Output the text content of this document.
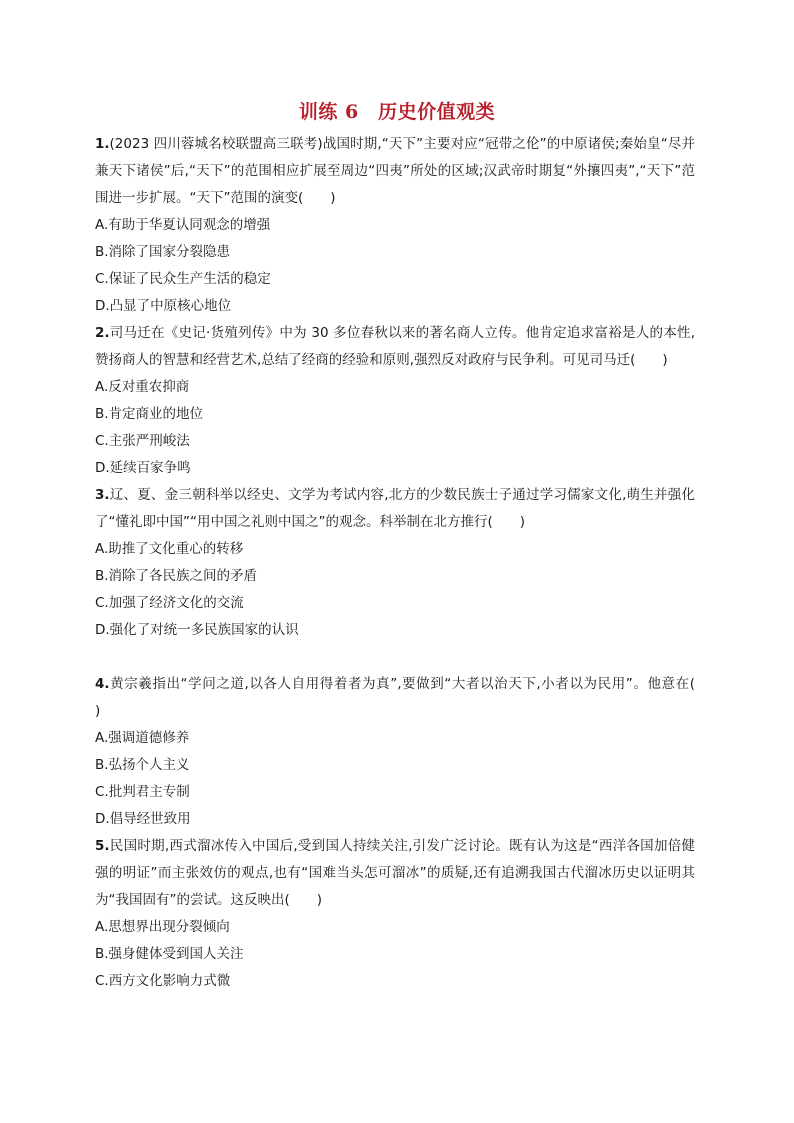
训练 6　历史价值观类
1.(2023 四川蓉城名校联盟高三联考)战国时期,“天下”主要对应“冠带之伦”的中原诸侯;秦始皇“尽并兼天下诸侯”后,“天下”的范围相应扩展至周边“四夷”所处的区域;汉武帝时期复“外攘四夷”,“天下”范围进一步扩展。“天下”范围的演变(　　)
A.有助于华夏认同观念的增强
B.消除了国家分裂隐患
C.保证了民众生产生活的稳定
D.凸显了中原核心地位
2.司马迁在《史记·货殖列传》中为 30 多位春秋以来的著名商人立传。他肯定追求富裕是人的本性,赞扬商人的智慧和经营艺术,总结了经商的经验和原则,强烈反对政府与民争利。可见司马迁(　　)
A.反对重农抑商
B.肯定商业的地位
C.主张严刑峻法
D.延续百家争鸣
3.辽、夏、金三朝科举以经史、文学为考试内容,北方的少数民族士子通过学习儒家文化,萌生并强化了“懂礼即中国”“用中国之礼则中国之”的观念。科举制在北方推行(　　)
A.助推了文化重心的转移
B.消除了各民族之间的矛盾
C.加强了经济文化的交流
D.强化了对统一多民族国家的认识
4.黄宗羲指出“学问之道,以各人自用得着者为真”,要做到“大者以治天下,小者以为民用”。他意在(　　)
A.强调道德修养
B.弘扬个人主义
C.批判君主专制
D.倡导经世致用
5.民国时期,西式溜冰传入中国后,受到国人持续关注,引发广泛讨论。既有认为这是“西洋各国加倍健强的明证”而主张效仿的观点,也有“国难当头怎可溜冰”的质疑,还有追溯我国古代溜冰历史以证明其为“我国固有”的尝试。这反映出(　　)
A.思想界出现分裂倾向
B.强身健体受到国人关注
C.西方文化影响力式微
